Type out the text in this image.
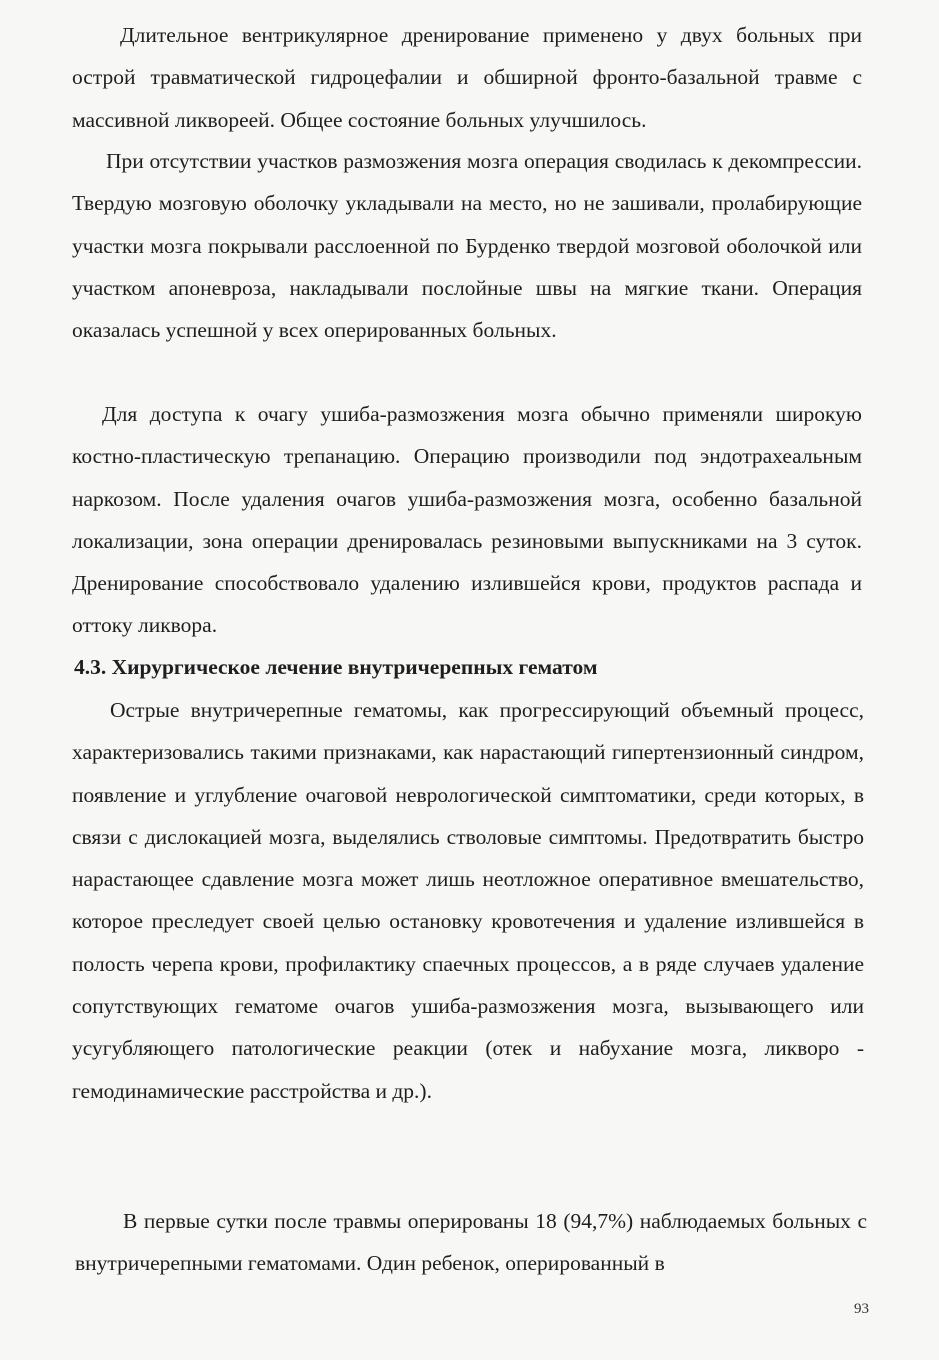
Длительное вентрикулярное дренирование применено у двух больных при острой травматической гидроцефалии и обширной фронто-базальной травме с массивной ликвореей. Общее состояние больных улучшилось.

При отсутствии участков размозжения мозга операция сводилась к декомпрессии. Твердую мозговую оболочку укладывали на место, но не зашивали, пролабирующие участки мозга покрывали расслоенной по Бурденко твердой мозговой оболочкой или участком апоневроза, накладывали послойные швы на мягкие ткани. Операция оказалась успешной у всех оперированных больных.

Для доступа к очагу ушиба-размозжения мозга обычно применяли широкую костно-пластическую трепанацию. Операцию производили под эндотрахеальным наркозом. После удаления очагов ушиба-размозжения мозга, особенно базальной локализации, зона операции дренировалась резиновыми выпускниками на 3 суток. Дренирование способствовало удалению излившейся крови, продуктов распада и оттоку ликвора.

4.3. Хирургическое лечение внутричерепных гематом

Острые внутричерепные гематомы, как прогрессирующий объемный процесс, характеризовались такими признаками, как нарастающий гипертензионный синдром, появление и углубление очаговой неврологической симптоматики, среди которых, в связи с дислокацией мозга, выделялись стволовые симптомы. Предотвратить быстро нарастающее сдавление мозга может лишь неотложное оперативное вмешательство, которое преследует своей целью остановку кровотечения и удаление излившейся в полость черепа крови, профилактику спаечных процессов, а в ряде случаев удаление сопутствующих гематоме очагов ушиба-размозжения мозга, вызывающего или усугубляющего патологические реакции (отек и набухание мозга, ликворо - гемодинамические расстройства и др.).

В первые сутки после травмы оперированы 18 (94,7%) наблюдаемых больных с внутричерепными гематомами. Один ребенок, оперированный в

93
